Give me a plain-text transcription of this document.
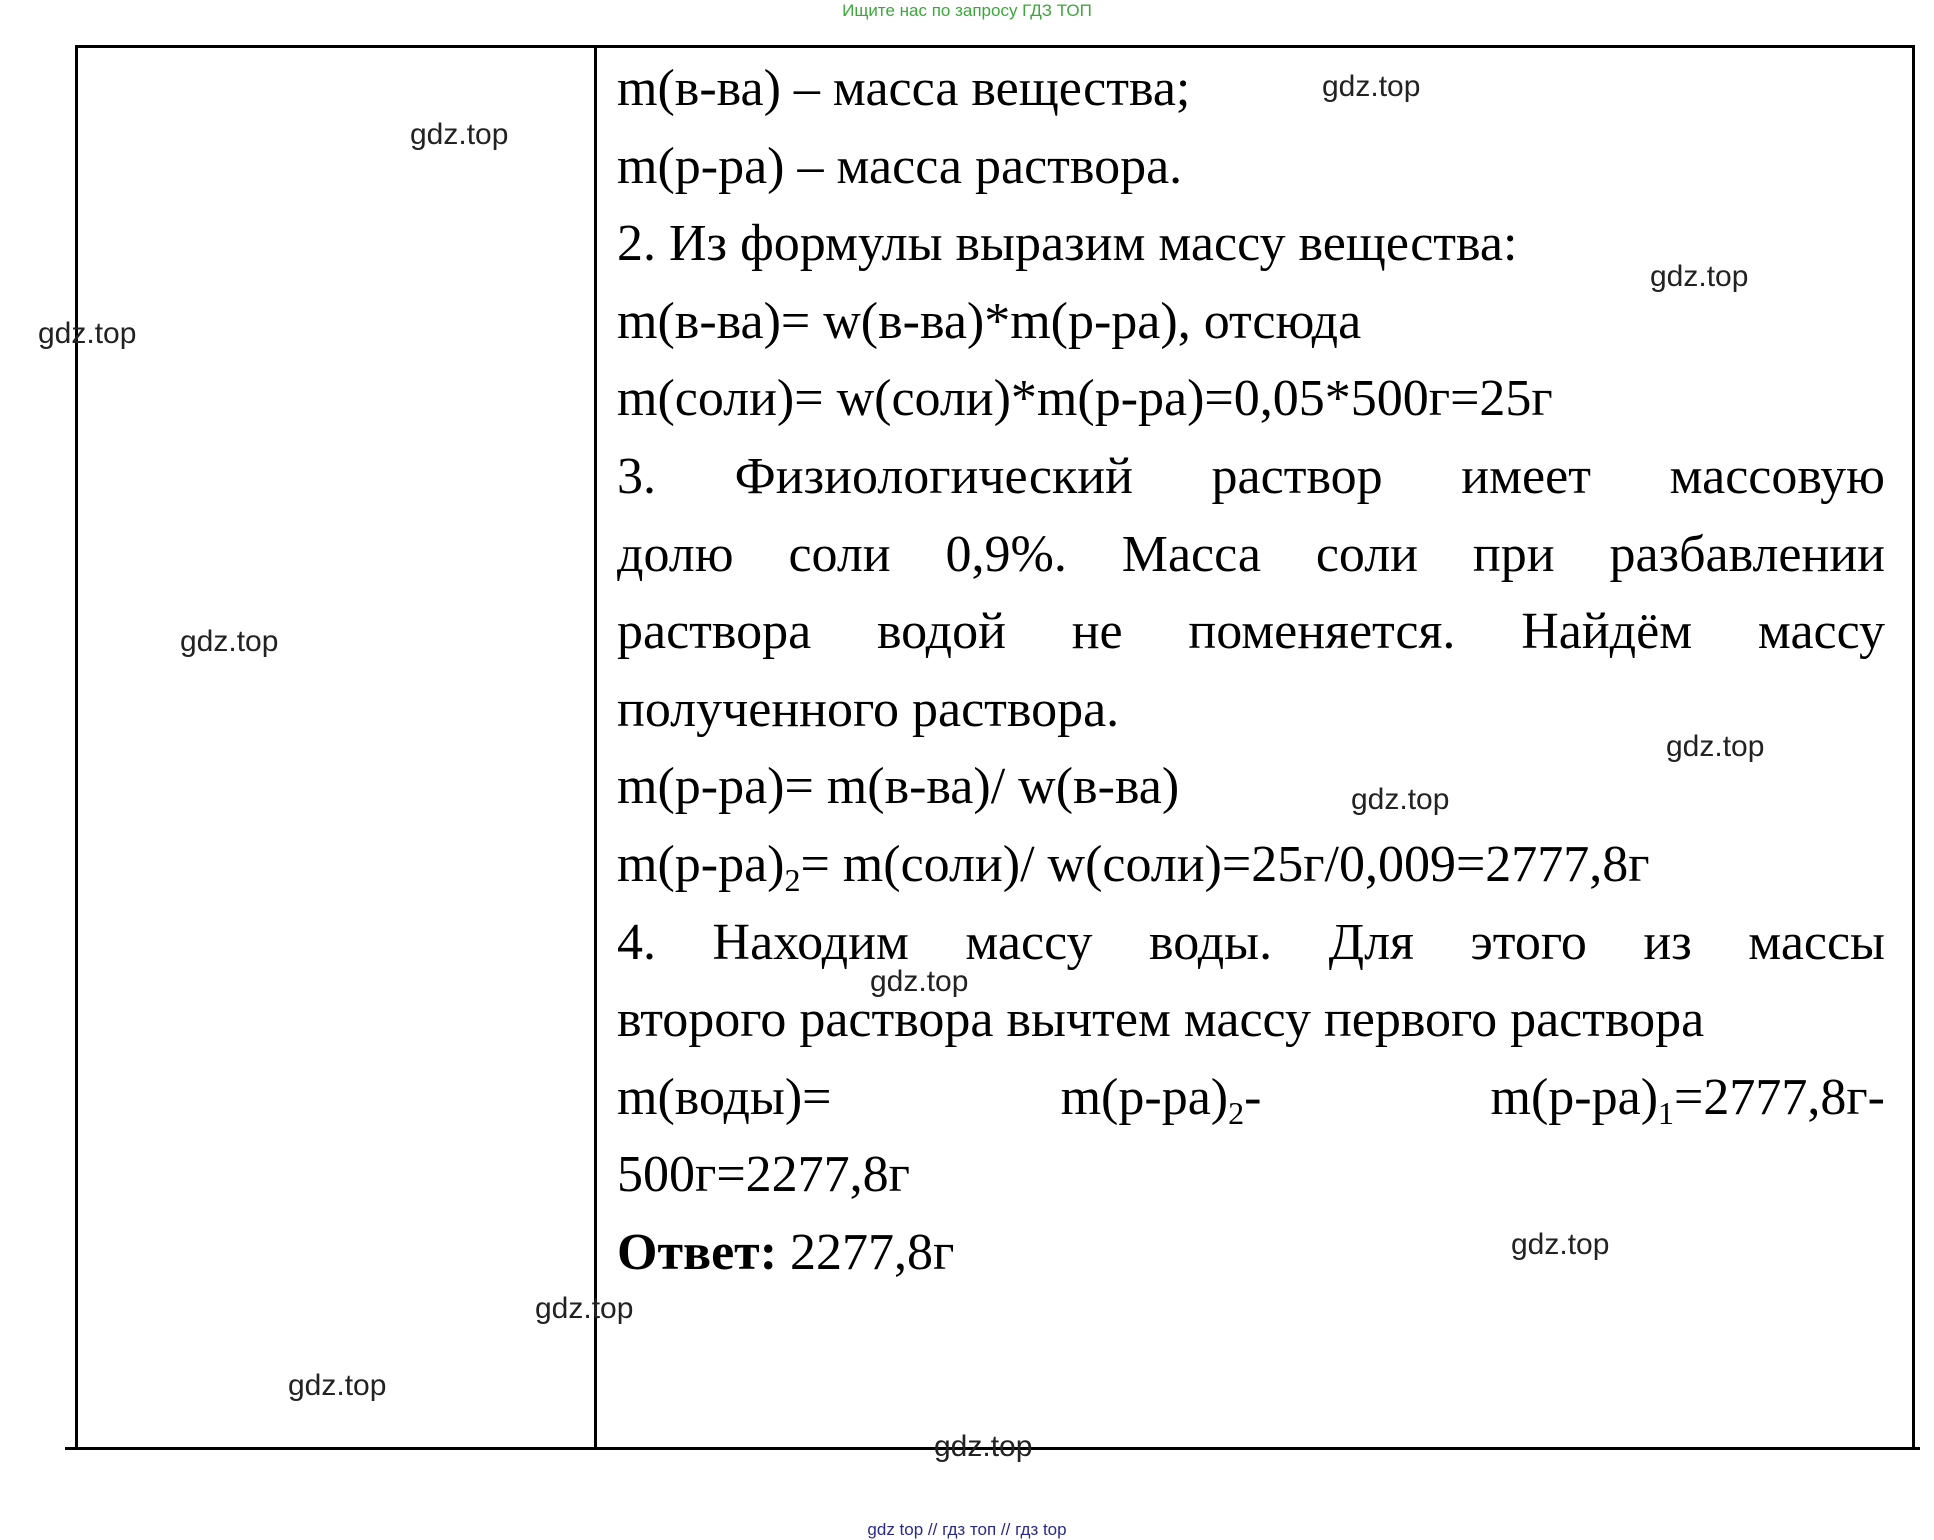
Ищите нас по запросу ГДЗ ТОП
m(в-ва) – масса вещества;
m(р-ра) – масса раствора.
2. Из формулы выразим массу вещества:
m(в-ва)= w(в-ва)*m(р-ра), отсюда
m(соли)= w(соли)*m(р-ра)=0,05*500г=25г
3. Физиологический раствор имеет массовую
долю соли 0,9%. Масса соли при разбавлении
раствора водой не поменяется. Найдём массу
полученного раствора.
m(р-ра)= m(в-ва)/ w(в-ва)
$m(р-ра)_2=$ m(соли)/ w(соли)=25г/0,009=2777,8г
4. Находим массу воды. Для этого из массы
второго раствора вычтем массу первого раствора
m(воды)=	$m(р-ра)_2-$	$m(р-ра)_1=2777,8г-$
500г=2277,8г
Ответ: 2277,8г
gdz.top
gdz.top
gdz.top
gdz.top
gdz.top
gdz.top
gdz.top
gdz.top
gdz.top
gdz.top
gdz.top
gdz.top
gdz top // гдз топ // гдз top
